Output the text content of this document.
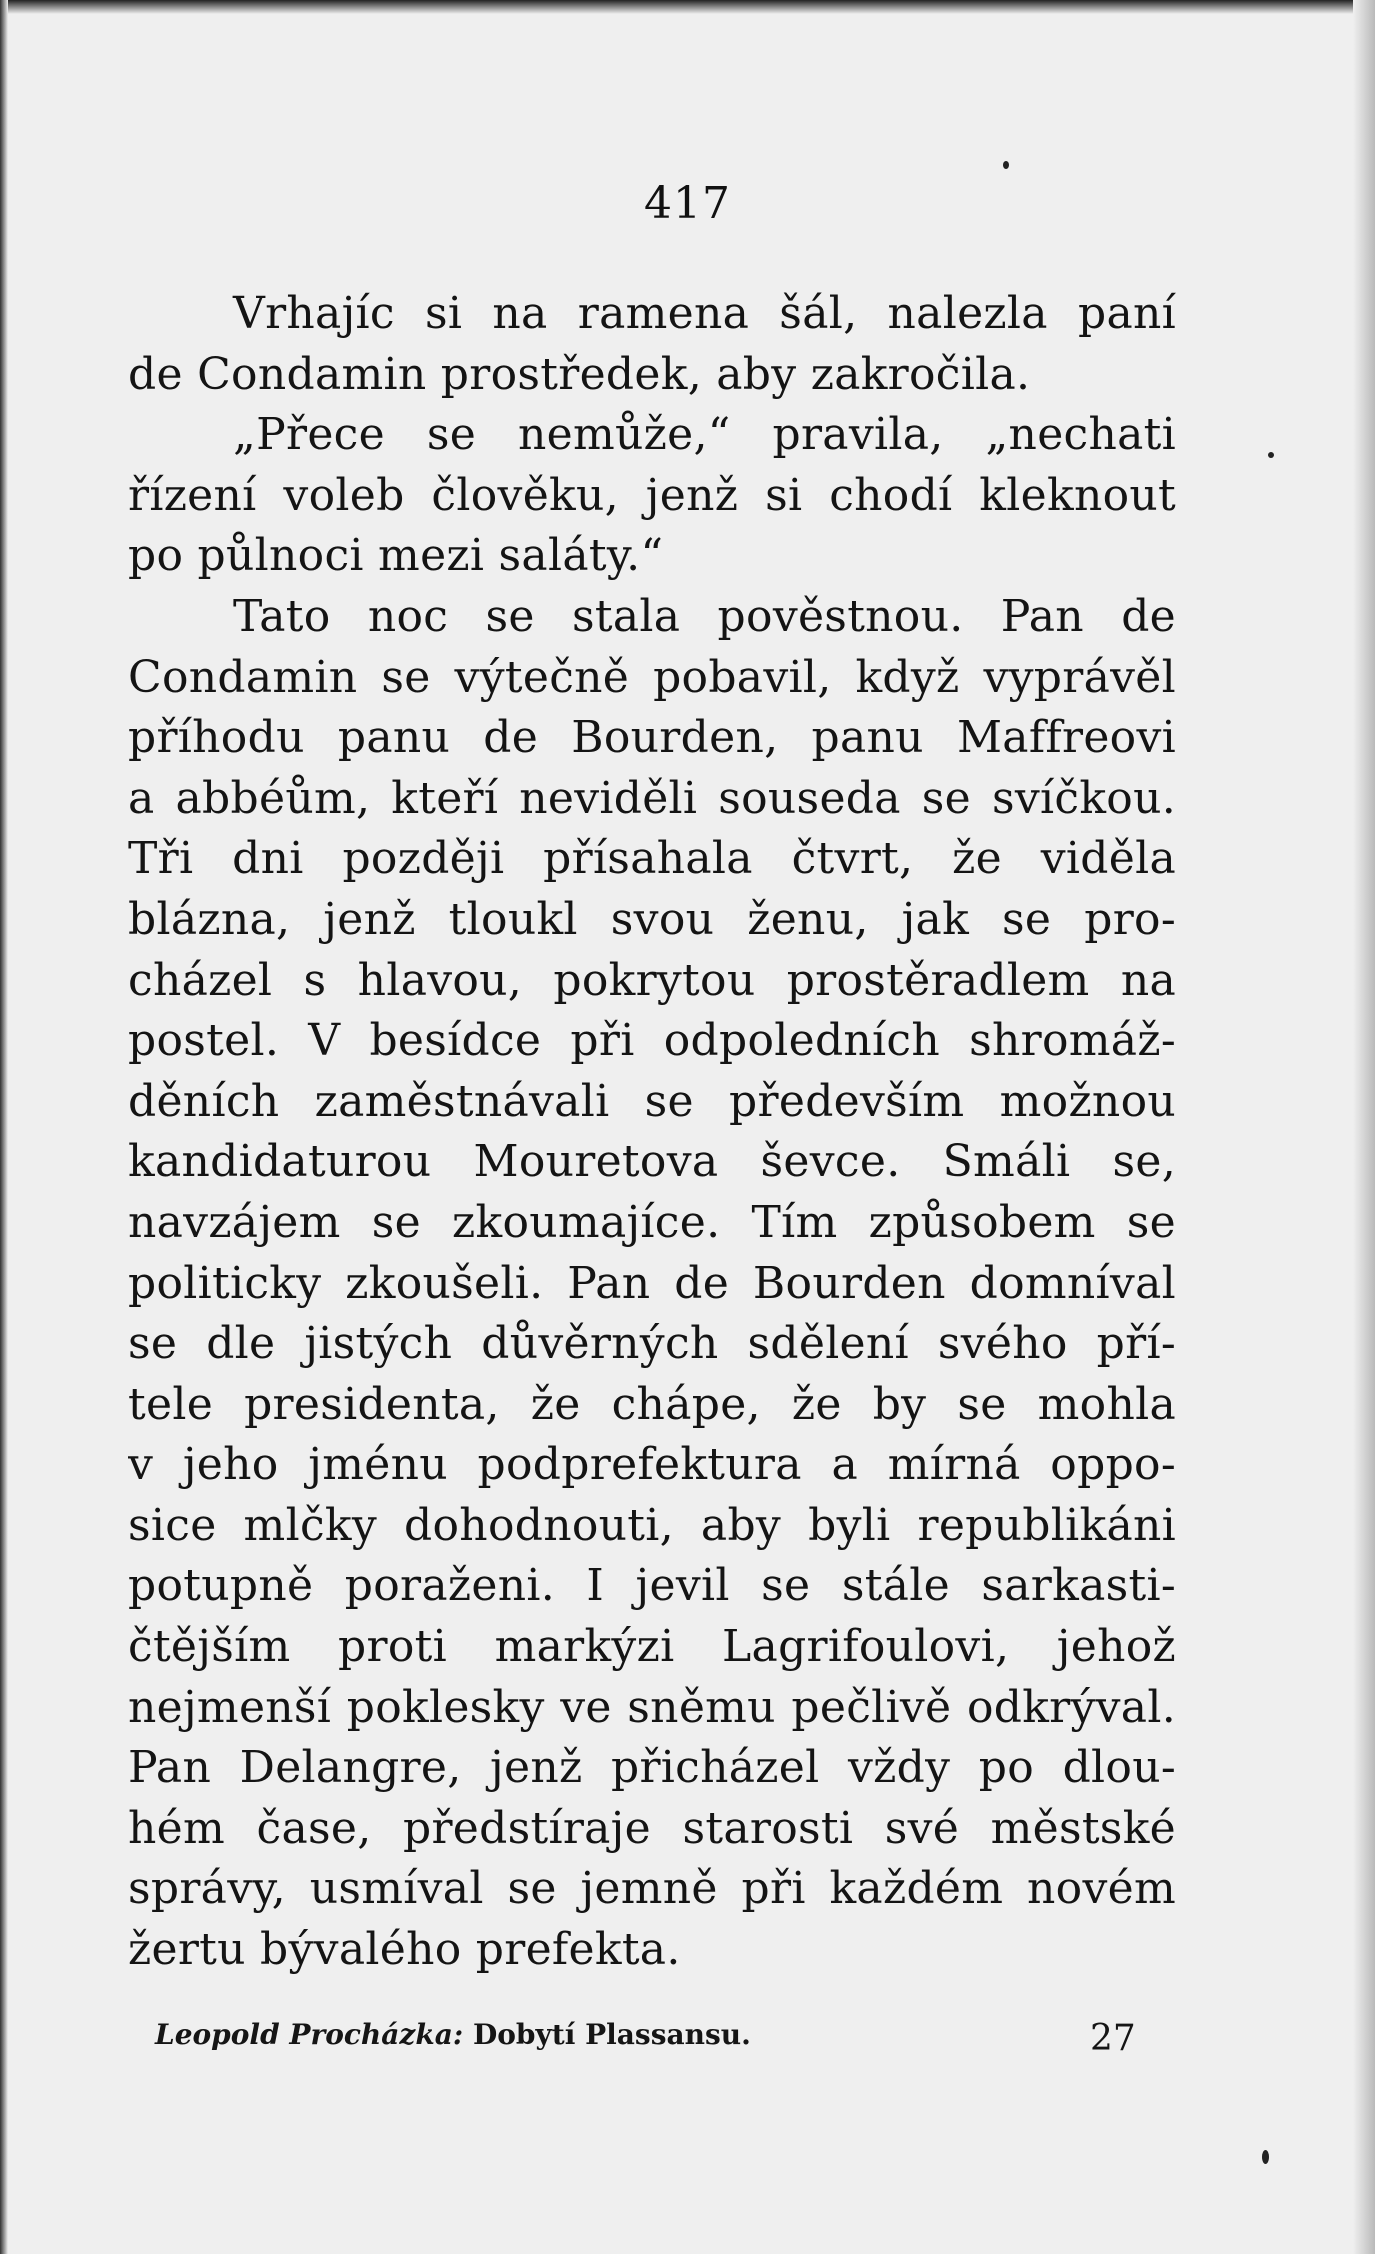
417
Vrhajíc si na ramena šál, nalezla paní
de Condamin prostředek, aby zakročila.
„Přece se nemůže,“ pravila, „nechati
řízení voleb člověku, jenž si chodí kleknout
po půlnoci mezi saláty.“
Tato noc se stala pověstnou. Pan de
Condamin se výtečně pobavil, když vyprávěl
příhodu panu de Bourden, panu Maffreovi
a abbéům, kteří neviděli souseda se svíčkou.
Tři dni později přísahala čtvrt, že viděla
blázna, jenž tloukl svou ženu, jak se pro-
cházel s hlavou, pokrytou prostěradlem na
postel. V besídce při odpoledních shromáž-
děních zaměstnávali se především možnou
kandidaturou Mouretova ševce. Smáli se,
navzájem se zkoumajíce. Tím způsobem se
politicky zkoušeli. Pan de Bourden domníval
se dle jistých důvěrných sdělení svého pří-
tele presidenta, že chápe, že by se mohla
v jeho jménu podprefektura a mírná oppo-
sice mlčky dohodnouti, aby byli republikáni
potupně poraženi. I jevil se stále sarkasti-
čtějším proti markýzi Lagrifoulovi, jehož
nejmenší poklesky ve sněmu pečlivě odkrýval.
Pan Delangre, jenž přicházel vždy po dlou-
hém čase, předstíraje starosti své městské
správy, usmíval se jemně při každém novém
žertu bývalého prefekta.
Leopold Procházka: Dobytí Plassansu.	27
